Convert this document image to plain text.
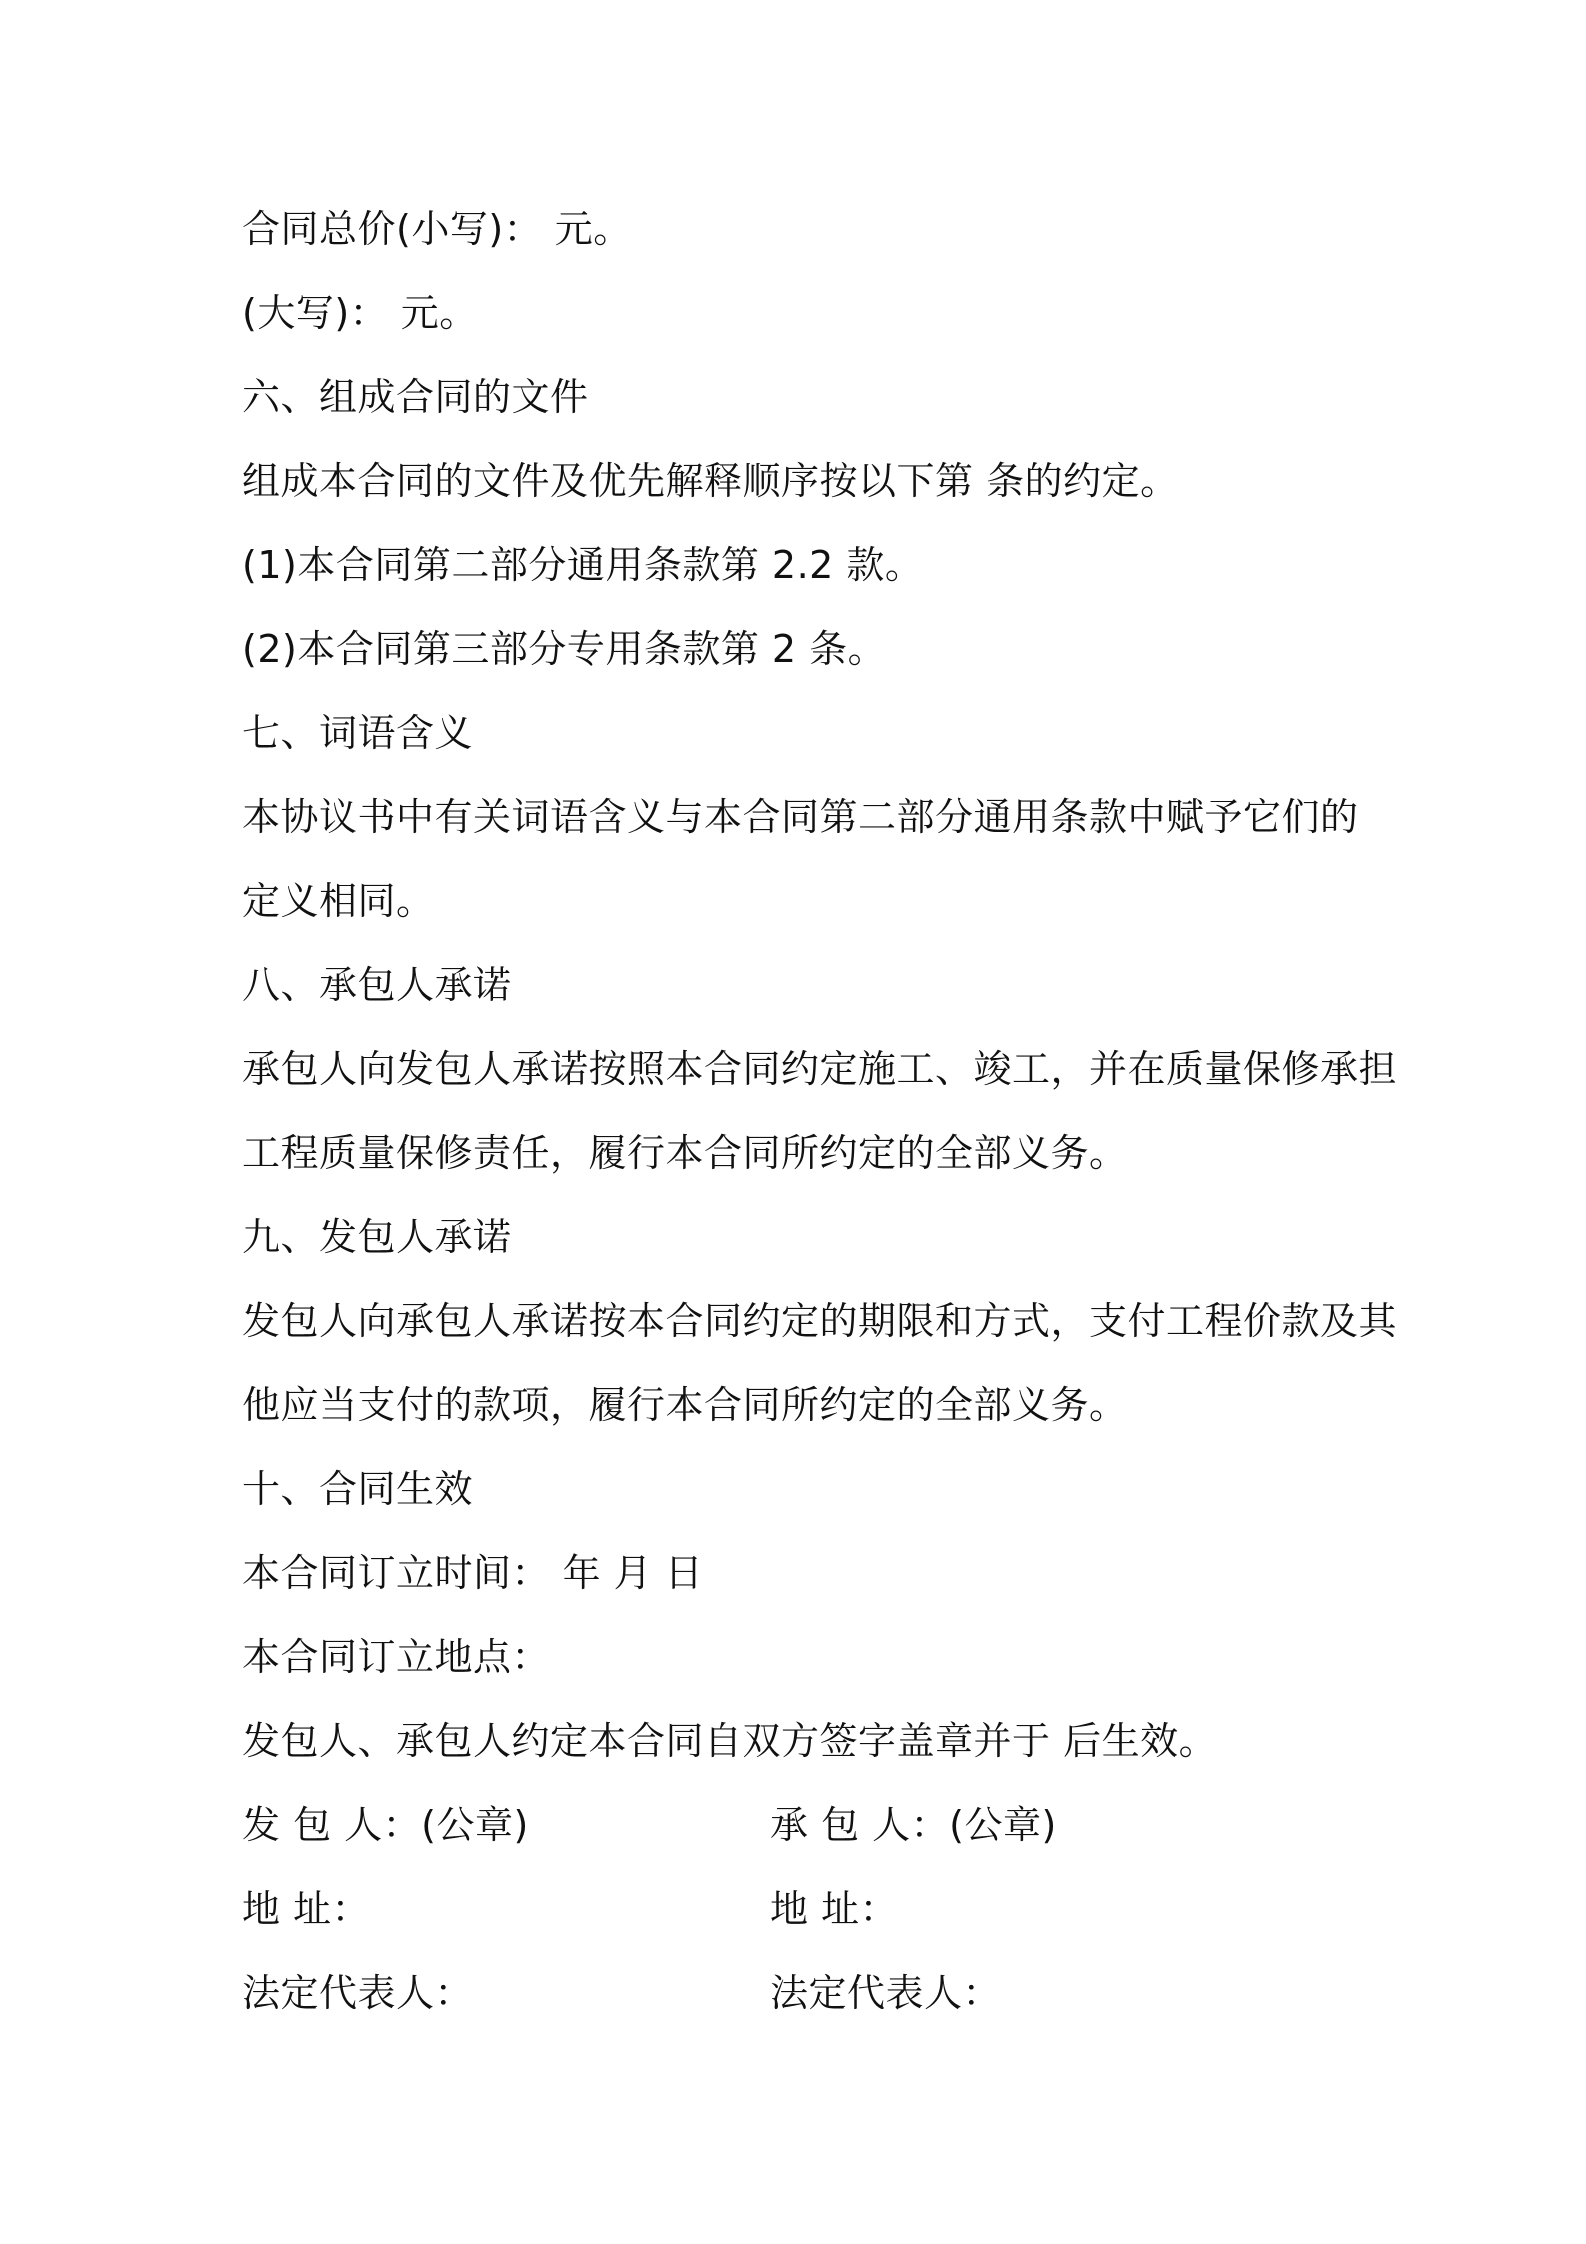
合同总价(小写)： 元。
(大写)： 元。
六、组成合同的文件
组成本合同的文件及优先解释顺序按以下第 条的约定。
(1)本合同第二部分通用条款第 2.2 款。
(2)本合同第三部分专用条款第 2 条。
七、词语含义
本协议书中有关词语含义与本合同第二部分通用条款中赋予它们的
定义相同。
八、承包人承诺
承包人向发包人承诺按照本合同约定施工、竣工，并在质量保修承担
工程质量保修责任，履行本合同所约定的全部义务。
九、发包人承诺
发包人向承包人承诺按本合同约定的期限和方式，支付工程价款及其
他应当支付的款项，履行本合同所约定的全部义务。
十、合同生效
本合同订立时间： 年 月 日
本合同订立地点：
发包人、承包人约定本合同自双方签字盖章并于 后生效。
发 包 人：(公章)	承 包 人：(公章)
地 址：	地 址：
法定代表人：	法定代表人：
